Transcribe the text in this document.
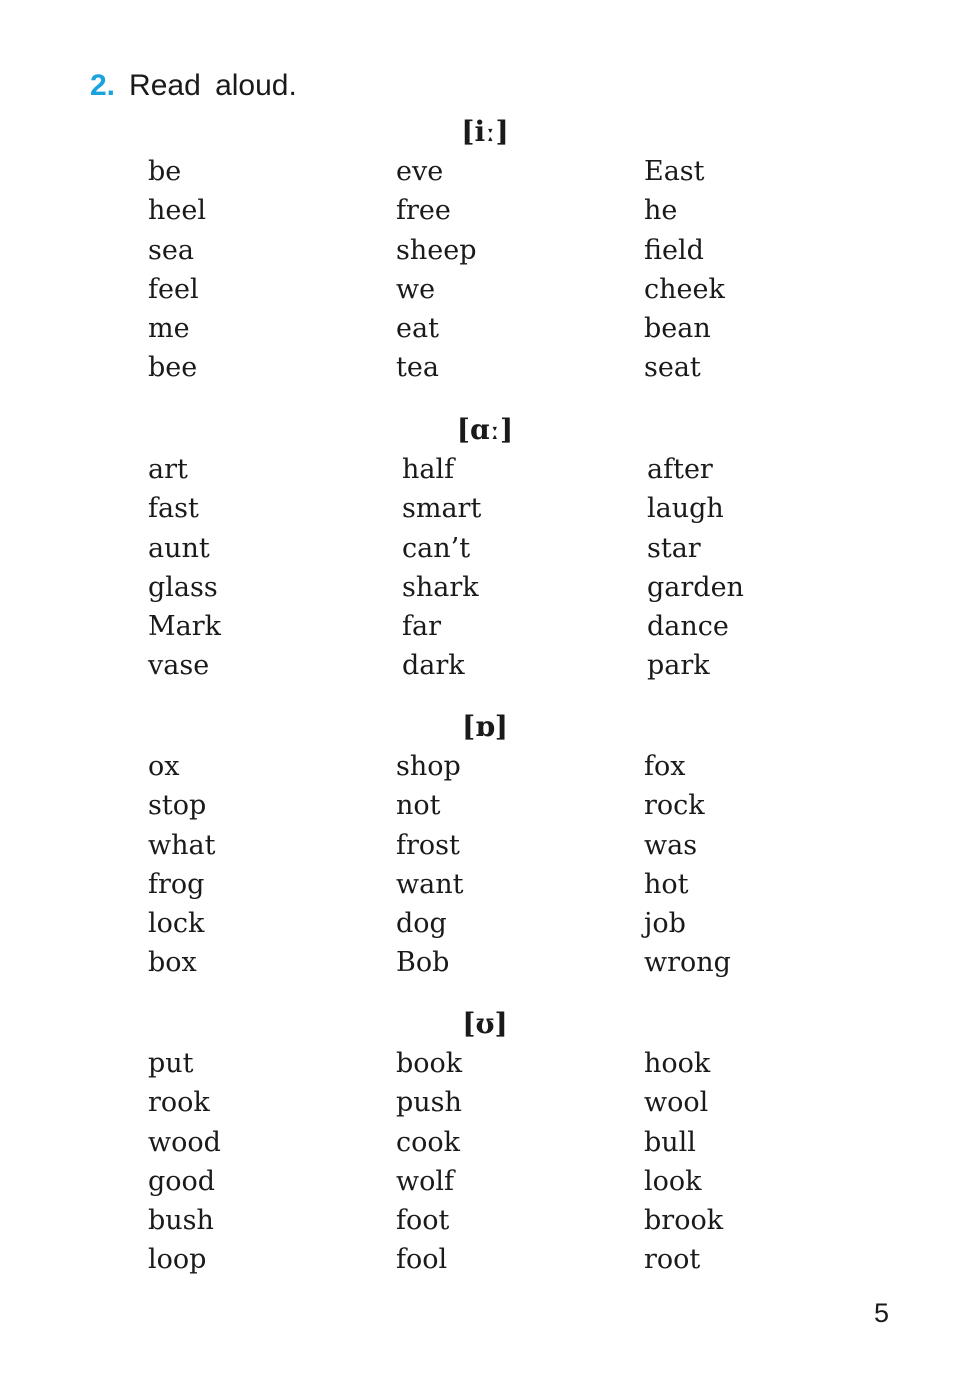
2. Read aloud.
[iː]
be
heel
sea
feel
me
bee
eve
free
sheep
we
eat
tea
East
he
field
cheek
bean
seat
[ɑː]
art
fast
aunt
glass
Mark
vase
half
smart
can’t
shark
far
dark
after
laugh
star
garden
dance
park
[ɒ]
ox
stop
what
frog
lock
box
shop
not
frost
want
dog
Bob
fox
rock
was
hot
job
wrong
[ʊ]
put
rook
wood
good
bush
loop
book
push
cook
wolf
foot
fool
hook
wool
bull
look
brook
root
5
